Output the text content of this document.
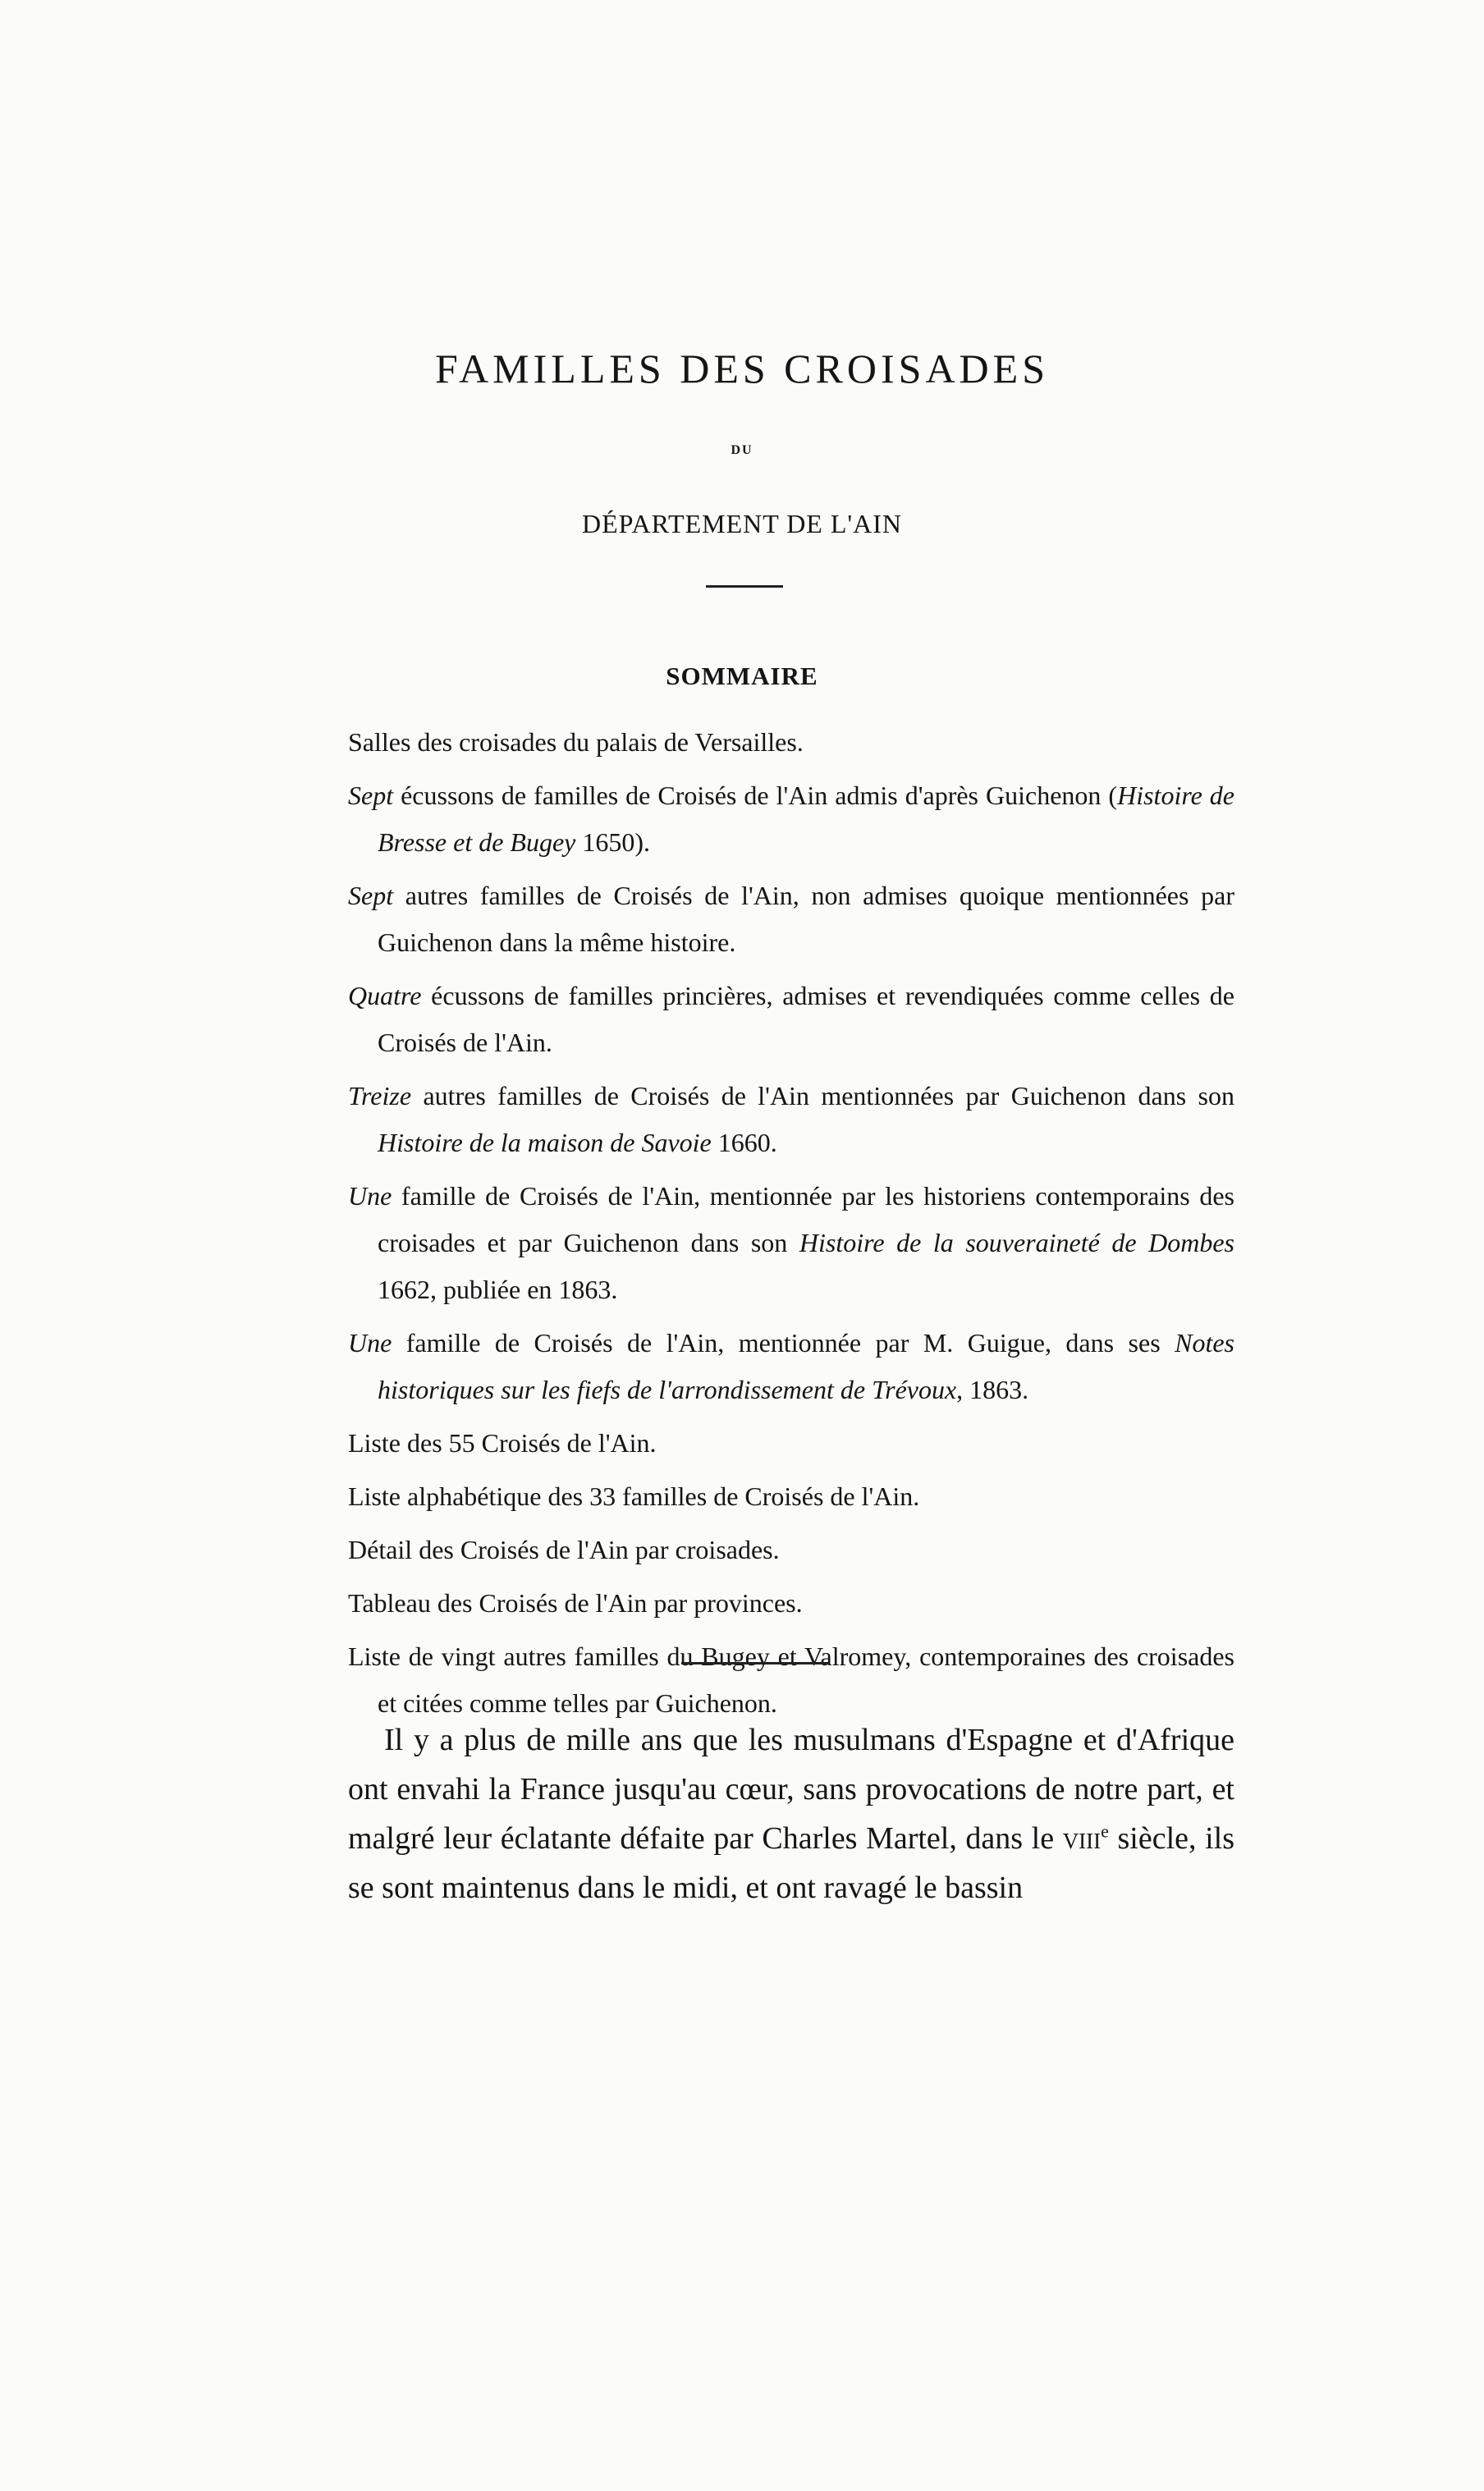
FAMILLES DES CROISADES
DU
DÉPARTEMENT DE L'AIN
SOMMAIRE
Salles des croisades du palais de Versailles.
Sept écussons de familles de Croisés de l'Ain admis d'après Guichenon (Histoire de Bresse et de Bugey 1650).
Sept autres familles de Croisés de l'Ain, non admises quoique mentionnées par Guichenon dans la même histoire.
Quatre écussons de familles princières, admises et revendiquées comme celles de Croisés de l'Ain.
Treize autres familles de Croisés de l'Ain mentionnées par Guichenon dans son Histoire de la maison de Savoie 1660.
Une famille de Croisés de l'Ain, mentionnée par les historiens contemporains des croisades et par Guichenon dans son Histoire de la souveraineté de Dombes 1662, publiée en 1863.
Une famille de Croisés de l'Ain, mentionnée par M. Guigue, dans ses Notes historiques sur les fiefs de l'arrondissement de Trévoux, 1863.
Liste des 55 Croisés de l'Ain.
Liste alphabétique des 33 familles de Croisés de l'Ain.
Détail des Croisés de l'Ain par croisades.
Tableau des Croisés de l'Ain par provinces.
Liste de vingt autres familles du Bugey et Valromey, contemporaines des croisades et citées comme telles par Guichenon.

Il y a plus de mille ans que les musulmans d'Espagne et d'Afrique ont envahi la France jusqu'au cœur, sans provocations de notre part, et malgré leur éclatante défaite par Charles Martel, dans le viii$^e$ siècle, ils se sont maintenus dans le midi, et ont ravagé le bassin
